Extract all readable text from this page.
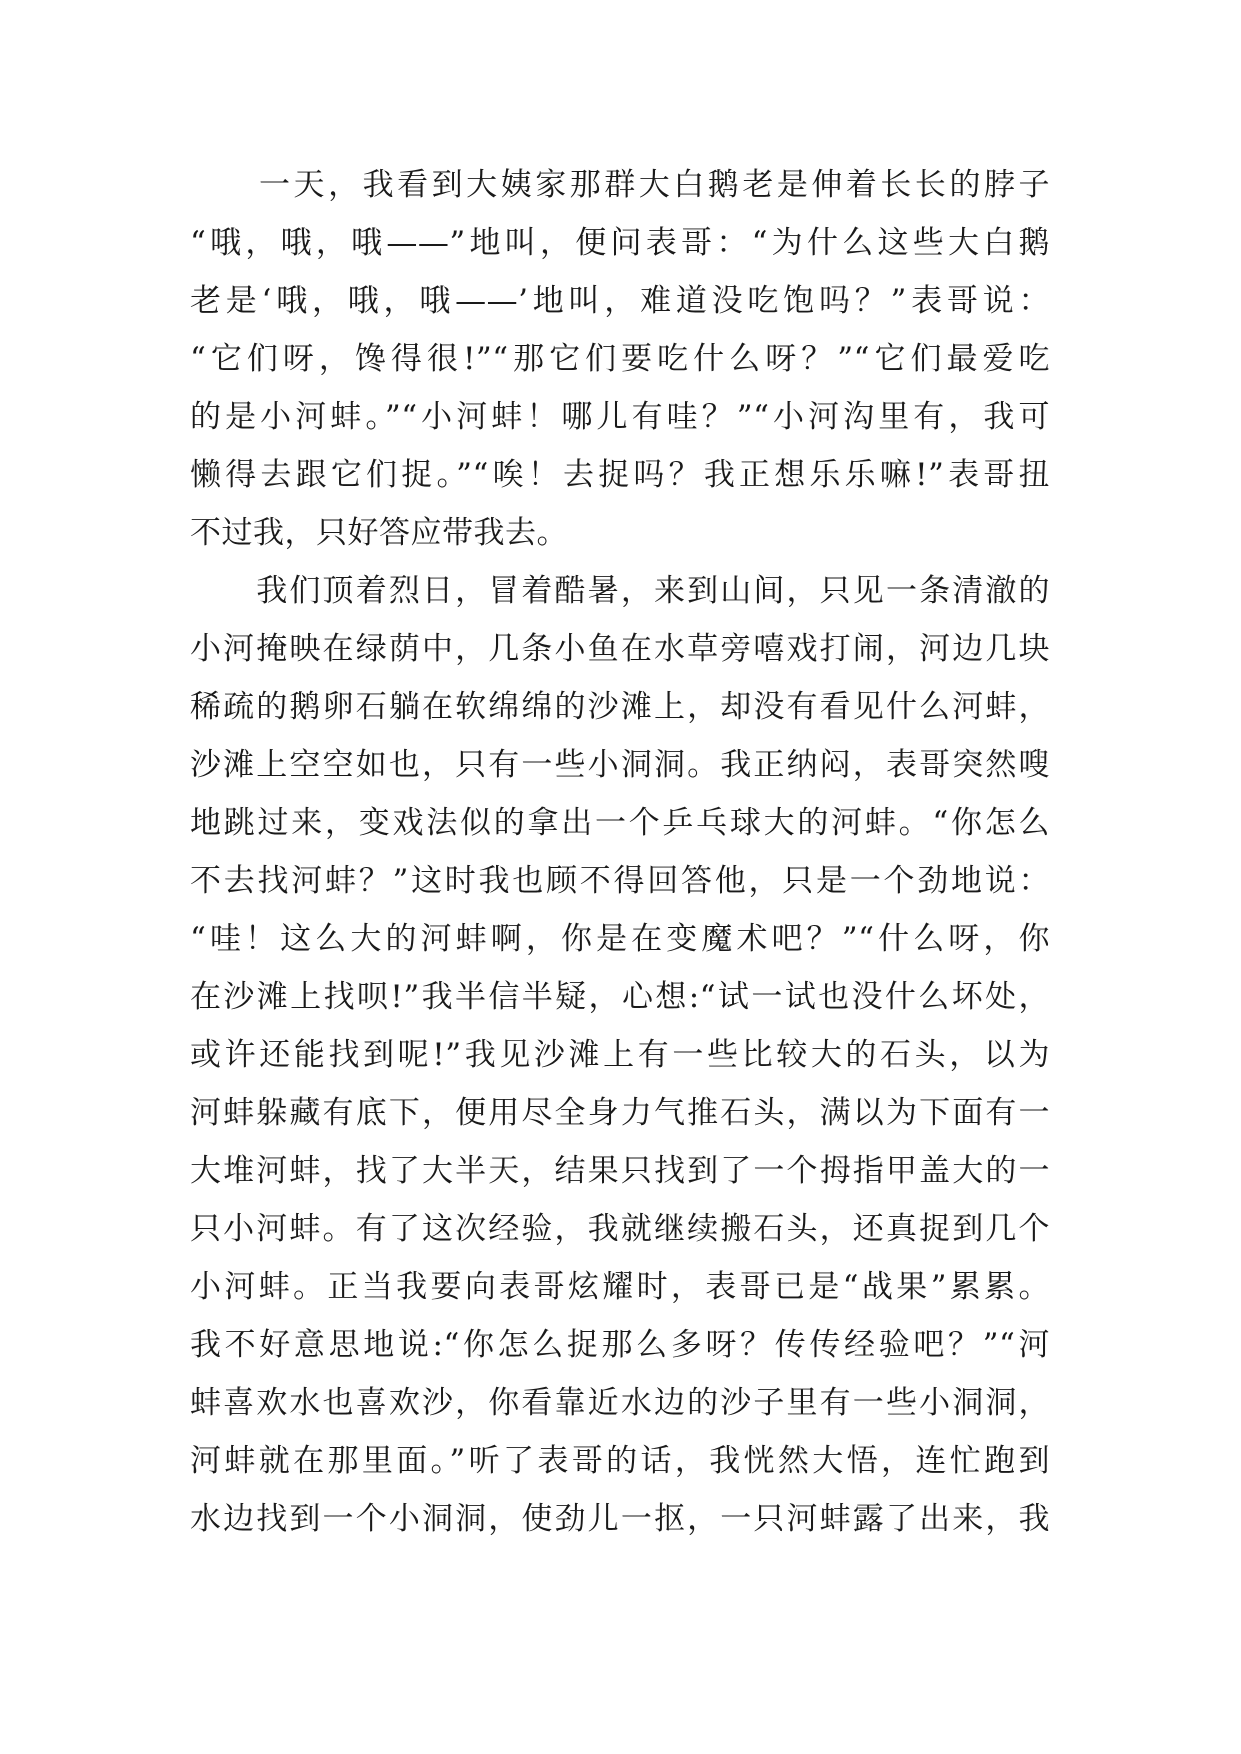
　　一天，我看到大姨家那群大白鹅老是伸着长长的脖子
“哦，哦，哦——”地叫，便问表哥：“为什么这些大白鹅
老是‘哦，哦，哦——’地叫，难道没吃饱吗？”表哥说：
“它们呀，馋得很!”“那它们要吃什么呀？”“它们最爱吃
的是小河蚌。”“小河蚌！哪儿有哇？”“小河沟里有，我可
懒得去跟它们捉。”“唉！去捉吗？我正想乐乐嘛!”表哥扭
不过我，只好答应带我去。
　　我们顶着烈日，冒着酷暑，来到山间，只见一条清澈的
小河掩映在绿荫中，几条小鱼在水草旁嘻戏打闹，河边几块
稀疏的鹅卵石躺在软绵绵的沙滩上，却没有看见什么河蚌，
沙滩上空空如也，只有一些小洞洞。我正纳闷，表哥突然嗖
地跳过来，变戏法似的拿出一个乒乓球大的河蚌。“你怎么
不去找河蚌？”这时我也顾不得回答他，只是一个劲地说：
“哇！这么大的河蚌啊，你是在变魔术吧？”“什么呀，你
在沙滩上找呗!”我半信半疑，心想:“试一试也没什么坏处，
或许还能找到呢!”我见沙滩上有一些比较大的石头，以为
河蚌躲藏有底下，便用尽全身力气推石头，满以为下面有一
大堆河蚌，找了大半天，结果只找到了一个拇指甲盖大的一
只小河蚌。有了这次经验，我就继续搬石头，还真捉到几个
小河蚌。正当我要向表哥炫耀时，表哥已是“战果”累累。
我不好意思地说:“你怎么捉那么多呀？传传经验吧？”“河
蚌喜欢水也喜欢沙，你看靠近水边的沙子里有一些小洞洞，
河蚌就在那里面。”听了表哥的话，我恍然大悟，连忙跑到
水边找到一个小洞洞，使劲儿一抠，一只河蚌露了出来，我
